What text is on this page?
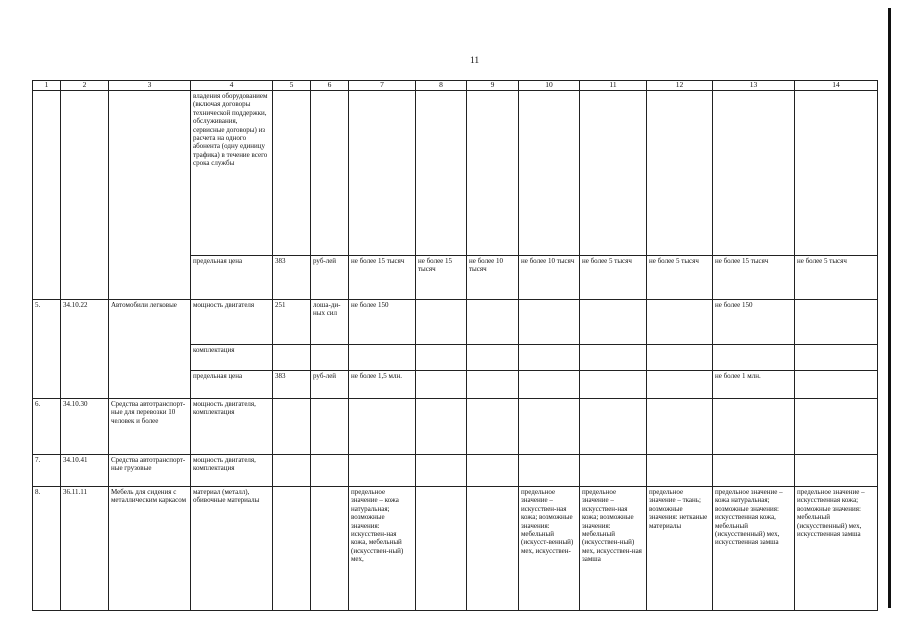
11
1	2	3	4	5	6	7	8	9	10	11	12	13	14
			владения оборудованием (включая договоры технической поддержки, обслуживания, сервисные договоры) из расчета на одного абонента (одну единицу трафика) в течение всего срока службы										
			предельная цена	383	руб-лей	не более 15 тысяч	не более 15 тысяч	не более 10 тысяч	не более 10 тысяч	не более 5 тысяч	не более 5 тысяч	не более 15 тысяч	не более 5 тысяч
5.	34.10.22	Автомобили легковые	мощность двигателя	251	лоша-ди-ных сил	не более 150						не более 150	
			комплектация										
			предельная цена	383	руб-лей	не более 1,5 млн.						не более 1 млн.	
6.	34.10.30	Средства автотранспорт-ные для перевозки 10 человек и более	мощность двигателя, комплектация										
7.	34.10.41	Средства автотранспорт-ные грузовые	мощность двигателя, комплектация										
8.	36.11.11	Мебель для сидения с металлическим каркасом	материал (металл), обивочные материалы			предельное значение – кожа натуральная; возможные значения: искусствен-ная кожа, мебельный (искусствен-ный) мех,			предельное значение – искусствен-ная кожа; возможные значения: мебельный (искусст-венный) мех, искусствен-	предельное значение – искусствен-ная кожа; возможные значения: мебельный (искусствен-ный) мех, искусствен-ная замша	предельное значение – ткань; возможные значения: нетканые материалы	предельное значение – кожа натуральная; возможные значения: искусственная кожа, мебельный (искусственный) мех, искусственная замша	предельное значение – искусственная кожа; возможные значения: мебельный (искусственный) мех, искусственная замша
